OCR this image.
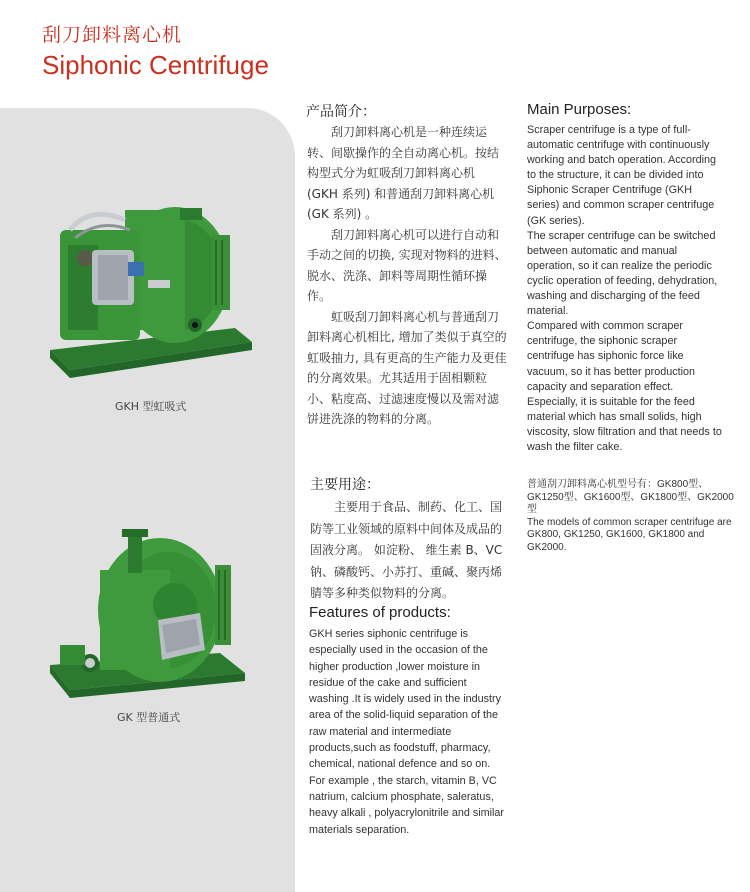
刮刀卸料离心机
Siphonic Centrifuge
GKH 型虹吸式
GK 型普通式
产品简介：

刮刀卸料离心机是一种连续运转、间歇操作的全自动离心机。按结构型式分为虹吸刮刀卸料离心机 (GKH 系列) 和普通刮刀卸料离心机 (GK 系列) 。

刮刀卸料离心机可以进行自动和手动之间的切换, 实现对物料的进料、脱水、洗涤、卸料等周期性循环操作。

虹吸刮刀卸料离心机与普通刮刀卸料离心机相比, 增加了类似于真空的虹吸抽力, 具有更高的生产能力及更佳的分离效果。尤其适用于固相颗粒小、粘度高、过滤速度慢以及需对滤饼进洗涤的物料的分离。

Main Purposes:

Scraper centrifuge is a type of full-automatic centrifuge with continuously working and batch operation. According to the structure, it can be divided into Siphonic Scraper Centrifuge (GKH series) and common scraper centrifuge (GK series).

The scraper centrifuge can be switched between automatic and manual operation, so it can realize the periodic cyclic operation of feeding, dehydration, washing and discharging of the feed material.

Compared with common scraper centrifuge, the siphonic scraper centrifuge has siphonic force like vacuum, so it has better production capacity and separation effect. Especially, it is suitable for the feed material which has small solids, high viscosity, slow filtration and that needs to wash the filter cake.

主要用途：

主要用于食品、制药、化工、国防等工业领域的原料中间体及成品的固液分离。 如淀粉、 维生素 B、VC 钠、磷酸钙、小苏打、重碱、聚丙烯腈等多种类似物料的分离。

普通刮刀卸料离心机型号有：GK800型、GK1250型、GK1600型、GK1800型、GK2000型

The models of common scraper centrifuge are GK800, GK1250, GK1600, GK1800 and GK2000.

Features of products:
GKH series siphonic centrifuge is especially used in the occasion of the higher production ,lower moisture in residue of the cake and sufficient washing .It is widely used in the industry area of the solid-liquid separation of the raw material and intermediate products,such as foodstuff, pharmacy, chemical, national defence and so on. For example , the starch, vitamin B, VC natrium, calcium phosphate, saleratus, heavy alkali , polyacrylonitrile and similar materials separation.
